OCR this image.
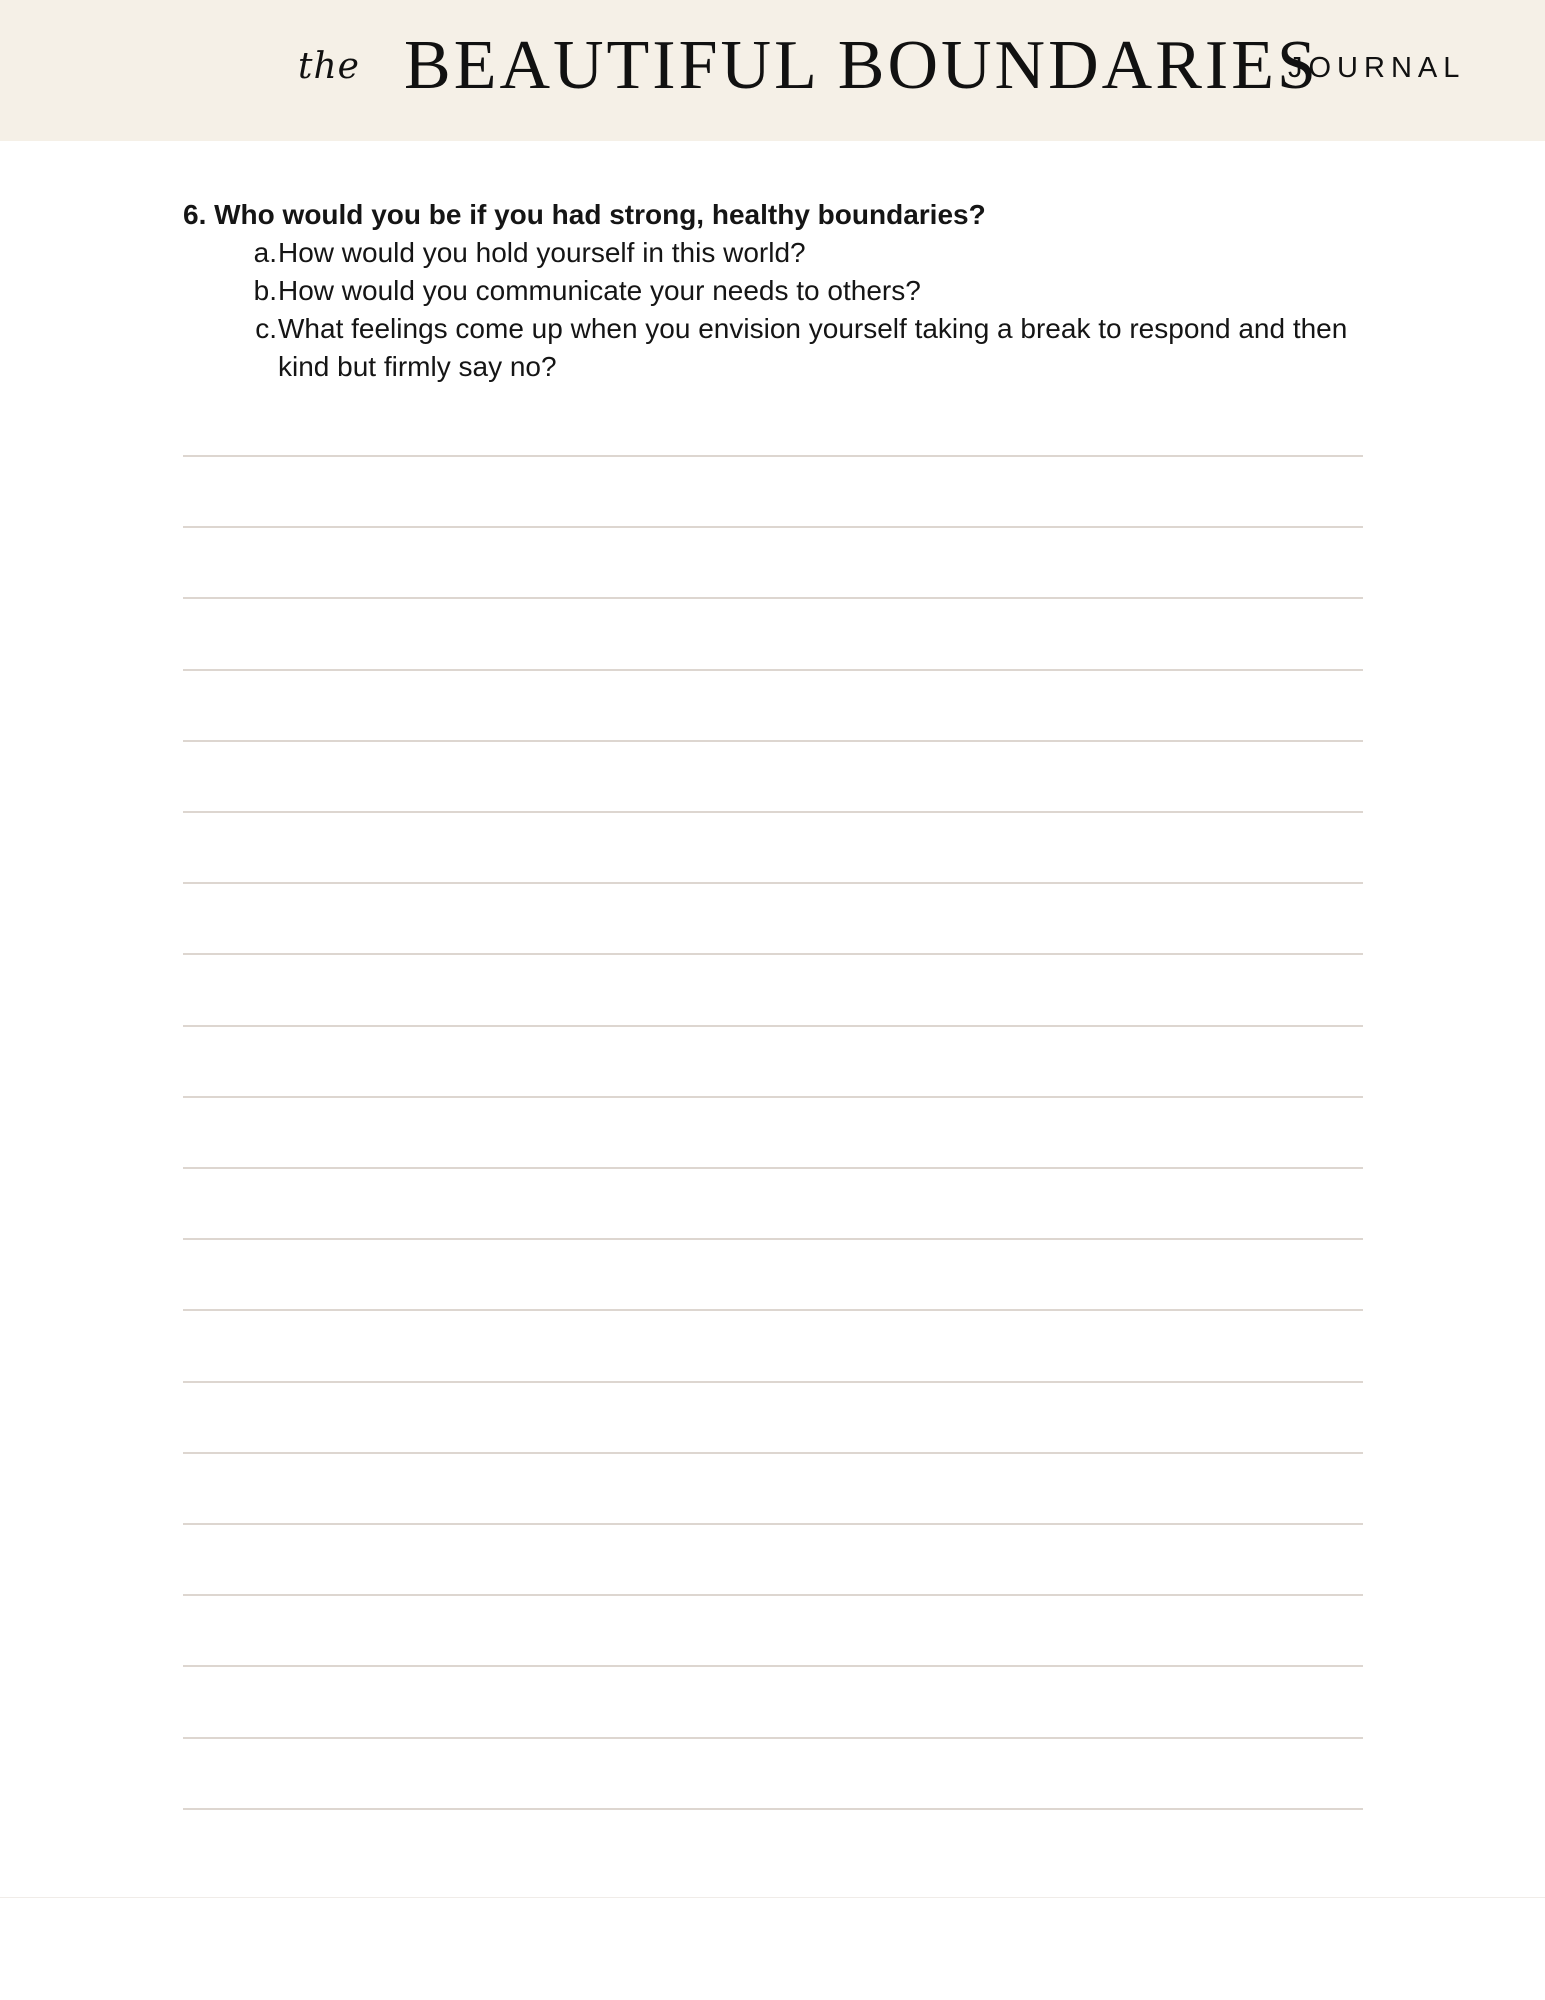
the BEAUTIFUL BOUNDARIES
JOURNAL
6. Who would you be if you had strong, healthy boundaries?
a. How would you hold yourself in this world?
b. How would you communicate your needs to others?
c. What feelings come up when you envision yourself taking a break to respond and then kind but firmly say no?
